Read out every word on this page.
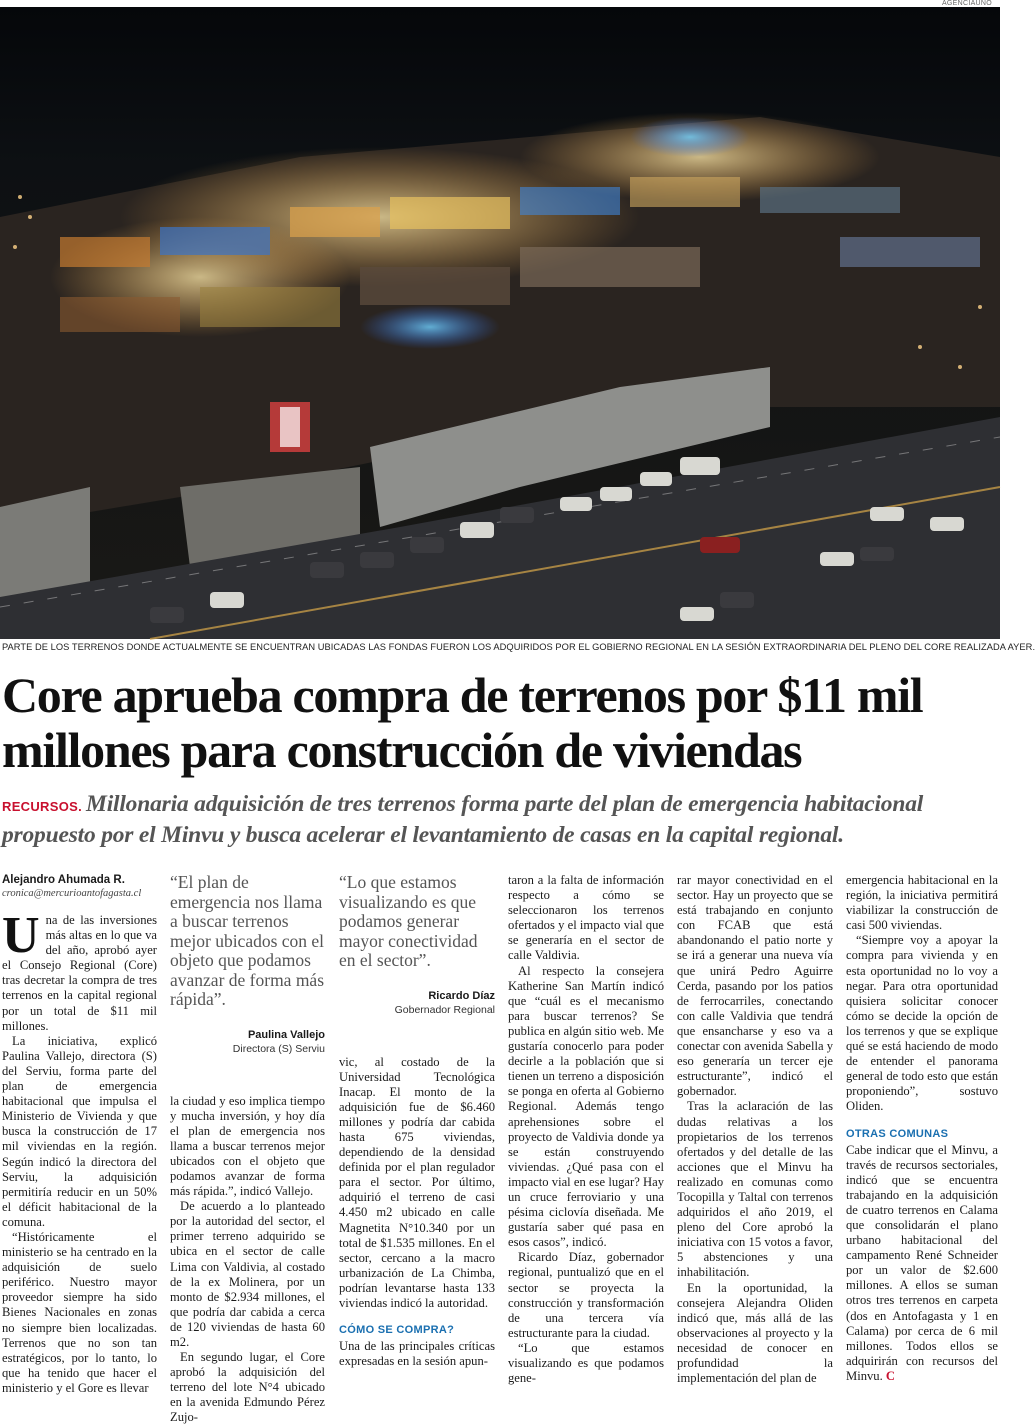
AGENCIAUNO
PARTE DE LOS TERRENOS DONDE ACTUALMENTE SE ENCUENTRAN UBICADAS LAS FONDAS FUERON LOS ADQUIRIDOS POR EL GOBIERNO REGIONAL EN LA SESIÓN EXTRAORDINARIA DEL PLENO DEL CORE REALIZADA AYER.
Core aprueba compra de terrenos por $11 mil millones para construcción de viviendas
RECURSOS. Millonaria adquisición de tres terrenos forma parte del plan de emergencia habitacional propuesto por el Minvu y busca acelerar el levantamiento de casas en la capital regional.
Alejandro Ahumada R.
cronica@mercurioantofagasta.cl

Una de las inversiones más altas en lo que va del año, aprobó ayer el Consejo Regional (Core) tras decretar la compra de tres terrenos en la capital regional por un total de $11 mil millones.

La iniciativa, explicó Paulina Vallejo, directora (S) del Serviu, forma parte del plan de emergencia habitacional que impulsa el Ministerio de Vivienda y que busca la construcción de 17 mil viviendas en la región. Según indicó la directora del Serviu, la adquisición permitiría reducir en un 50% el déficit habitacional de la comuna.

“Históricamente el ministerio se ha centrado en la adquisición de suelo periférico. Nuestro mayor proveedor siempre ha sido Bienes Nacionales en zonas no siempre bien localizadas. Terrenos que no son tan estratégicos, por lo tanto, lo que ha tenido que hacer el ministerio y el Gore es llevar

“El plan de emergencia nos llama a buscar terrenos mejor ubicados con el objeto que podamos avanzar de forma más rápida”.
Paulina Vallejo
Directora (S) Serviu

la ciudad y eso implica tiempo y mucha inversión, y hoy día el plan de emergencia nos llama a buscar terrenos mejor ubicados con el objeto que podamos avanzar de forma más rápida.”, indicó Vallejo.

De acuerdo a lo planteado por la autoridad del sector, el primer terreno adquirido se ubica en el sector de calle Lima con Valdivia, al costado de la ex Molinera, por un monto de $2.934 millones, el que podría dar cabida a cerca de 120 viviendas de hasta 60 m2.

En segundo lugar, el Core aprobó la adquisición del terreno del lote N°4 ubicado en la avenida Edmundo Pérez Zujo-

“Lo que estamos visualizando es que podamos generar mayor conectividad en el sector”.
Ricardo Díaz
Gobernador Regional

vic, al costado de la Universidad Tecnológica Inacap. El monto de la adquisición fue de $6.460 millones y podría dar cabida hasta 675 viviendas, dependiendo de la densidad definida por el plan regulador para el sector. Por último, adquirió el terreno de casi 4.450 m2 ubicado en calle Magnetita N°10.340 por un total de $1.535 millones. En el sector, cercano a la macro urbanización de La Chimba, podrían levantarse hasta 133 viviendas indicó la autoridad.

CÓMO SE COMPRA?

Una de las principales críticas expresadas en la sesión apun-

taron a la falta de información respecto a cómo se seleccionaron los terrenos ofertados y el impacto vial que se generaría en el sector de calle Valdivia.

Al respecto la consejera Katherine San Martín indicó que “cuál es el mecanismo para buscar terrenos? Se publica en algún sitio web. Me gustaría conocerlo para poder decirle a la población que si tienen un terreno a disposición se ponga en oferta al Gobierno Regional. Además tengo aprehensiones sobre el proyecto de Valdivia donde ya se están construyendo viviendas. ¿Qué pasa con el impacto vial en ese lugar? Hay un cruce ferroviario y una pésima ciclovía diseñada. Me gustaría saber qué pasa en esos casos”, indicó.

Ricardo Díaz, gobernador regional, puntualizó que en el sector se proyecta la construcción y transformación de una tercera vía estructurante para la ciudad.

“Lo que estamos visualizando es que podamos gene-

rar mayor conectividad en el sector. Hay un proyecto que se está trabajando en conjunto con FCAB que está abandonando el patio norte y se irá a generar una nueva vía que unirá Pedro Aguirre Cerda, pasando por los patios de ferrocarriles, conectando con calle Valdivia que tendrá que ensancharse y eso va a conectar con avenida Sabella y eso generaría un tercer eje estructurante”, indicó el gobernador.

Tras la aclaración de las dudas relativas a los propietarios de los terrenos ofertados y del detalle de las acciones que el Minvu ha realizado en comunas como Tocopilla y Taltal con terrenos adquiridos el año 2019, el pleno del Core aprobó la iniciativa con 15 votos a favor, 5 abstenciones y una inhabilitación.

En la oportunidad, la consejera Alejandra Oliden indicó que, más allá de las observaciones al proyecto y la necesidad de conocer en profundidad la implementación del plan de

emergencia habitacional en la región, la iniciativa permitirá viabilizar la construcción de casi 500 viviendas.

“Siempre voy a apoyar la compra para vivienda y en esta oportunidad no lo voy a negar. Para otra oportunidad quisiera solicitar conocer cómo se decide la opción de los terrenos y que se explique qué se está haciendo de modo de entender el panorama general de todo esto que están proponiendo”, sostuvo Oliden.

OTRAS COMUNAS

Cabe indicar que el Minvu, a través de recursos sectoriales, indicó que se encuentra trabajando en la adquisición de cuatro terrenos en Calama que consolidarán el plano urbano habitacional del campamento René Schneider por un valor de $2.600 millones. A ellos se suman otros tres terrenos en carpeta (dos en Antofagasta y 1 en Calama) por cerca de 6 mil millones. Todos ellos se adquirirán con recursos del Minvu. C
